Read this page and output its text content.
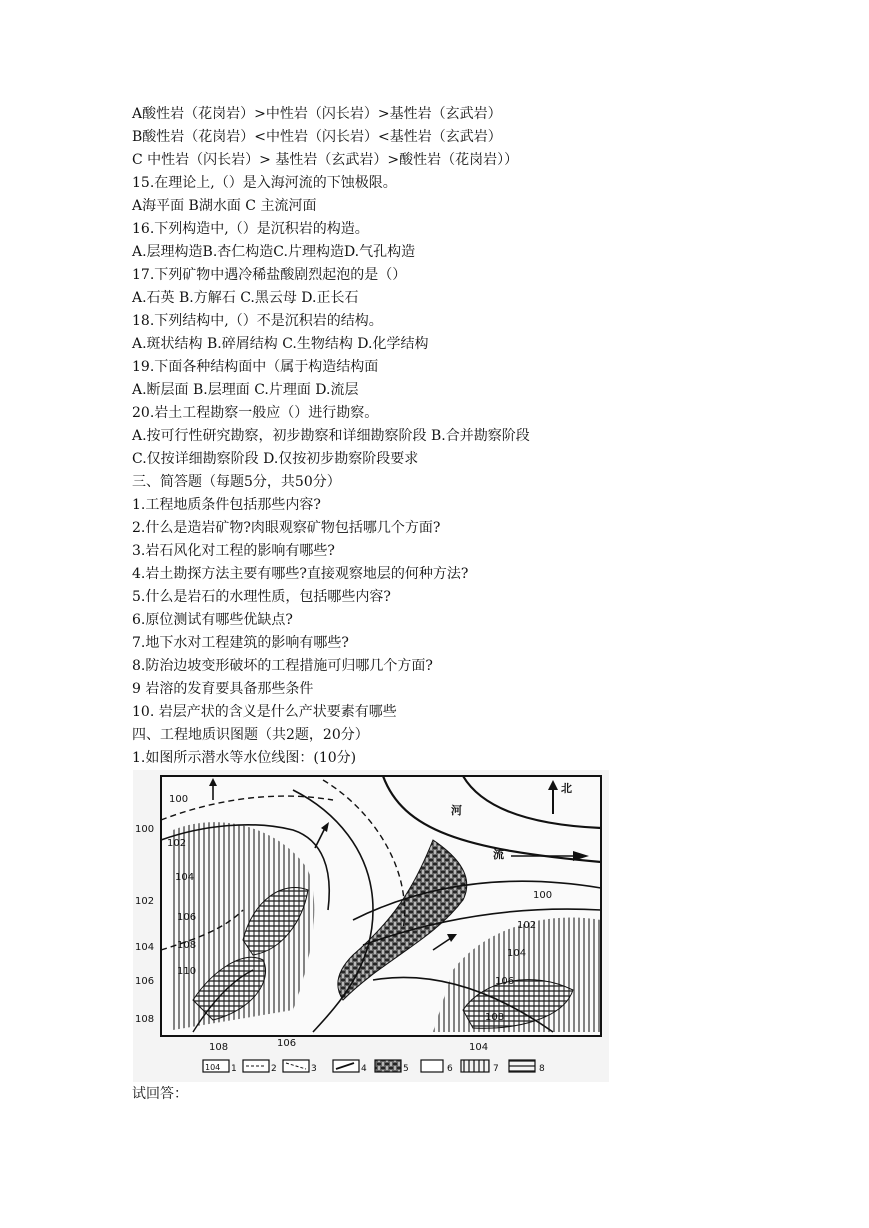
A酸性岩（花岗岩）>中性岩（闪长岩）>基性岩（玄武岩）
B酸性岩（花岗岩）<中性岩（闪长岩）<基性岩（玄武岩）
C 中性岩（闪长岩）> 基性岩（玄武岩）>酸性岩（花岗岩））
15.在理论上,（）是入海河流的下蚀极限。
A海平面 B湖水面 C 主流河面
16.下列构造中,（）是沉积岩的构造。
A.层理构造B.杏仁构造C.片理构造D.气孔构造
17.下列矿物中遇冷稀盐酸剧烈起泡的是（）
A.石英 B.方解石 C.黑云母 D.正长石
18.下列结构中,（）不是沉积岩的结构。
A.斑状结构 B.碎屑结构 C.生物结构 D.化学结构
19.下面各种结构面中（属于构造结构面
A.断层面 B.层理面 C.片理面 D.流层
20.岩土工程勘察一般应（）进行勘察。
A.按可行性研究勘察，初步勘察和详细勘察阶段 B.合并勘察阶段
C.仅按详细勘察阶段 D.仅按初步勘察阶段要求
三、简答题（每题5分，共50分）
1.工程地质条件包括那些内容?
2.什么是造岩矿物?肉眼观察矿物包括哪几个方面?
3.岩石风化对工程的影响有哪些?
4.岩土勘探方法主要有哪些?直接观察地层的何种方法?
5.什么是岩石的水理性质，包括哪些内容?
6.原位测试有哪些优缺点?
7.地下水对工程建筑的影响有哪些?
8.防治边坡变形破坏的工程措施可归哪几个方面?
9 岩溶的发育要具备那些条件
10. 岩层产状的含义是什么产状要素有哪些
四、工程地质识图题（共2题，20分）
1.如图所示潜水等水位线图：(10分)
北
河
流
100
102
104
106
108
110
100
102
104
106
108
100
102
104
106
108
108	106	104
104 1	2	3	4	5	6	7	8
试回答：
